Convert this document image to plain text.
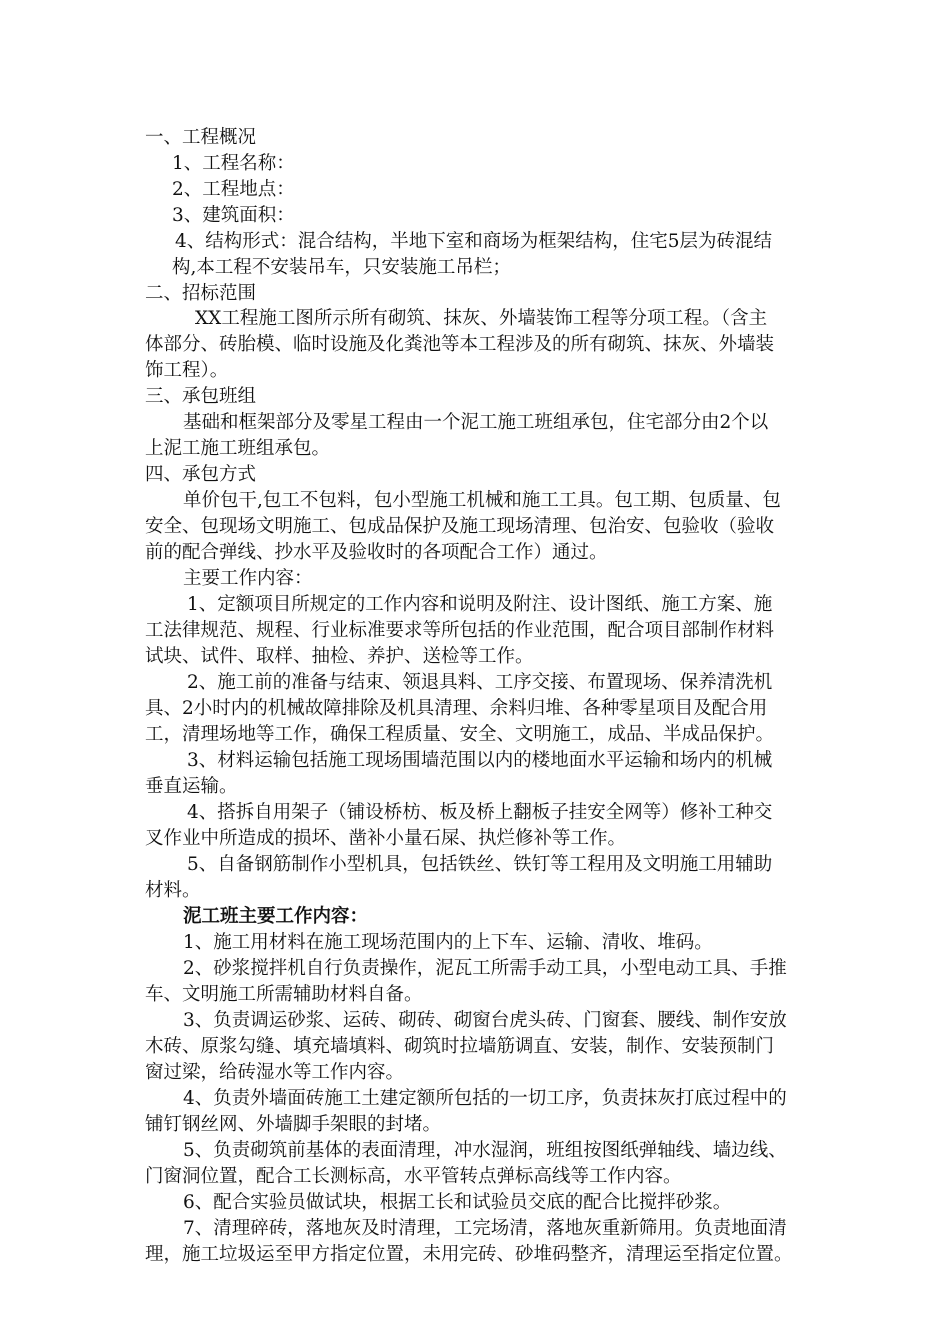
一、工程概况
1、工程名称：
2、工程地点：
3、建筑面积：
4、结构形式：混合结构，半地下室和商场为框架结构，住宅5层为砖混结
构,本工程不安装吊车，只安装施工吊栏；
二、招标范围
XX工程施工图所示所有砌筑、抹灰、外墙装饰工程等分项工程。（含主
体部分、砖胎模、临时设施及化粪池等本工程涉及的所有砌筑、抹灰、外墙装
饰工程）。
三、承包班组
基础和框架部分及零星工程由一个泥工施工班组承包，住宅部分由2个以
上泥工施工班组承包。
四、承包方式
单价包干,包工不包料，包小型施工机械和施工工具。包工期、包质量、包
安全、包现场文明施工、包成品保护及施工现场清理、包治安、包验收（验收
前的配合弹线、抄水平及验收时的各项配合工作）通过。
主要工作内容：
1、定额项目所规定的工作内容和说明及附注、设计图纸、施工方案、施
工法律规范、规程、行业标准要求等所包括的作业范围，配合项目部制作材料
试块、试件、取样、抽检、养护、送检等工作。
2、施工前的准备与结束、领退具料、工序交接、布置现场、保养清洗机
具、2小时内的机械故障排除及机具清理、余料归堆、各种零星项目及配合用
工，清理场地等工作，确保工程质量、安全、文明施工，成品、半成品保护。
3、材料运输包括施工现场围墙范围以内的楼地面水平运输和场内的机械
垂直运输。
4、搭拆自用架子（铺设桥枋、板及桥上翻板子挂安全网等）修补工种交
叉作业中所造成的损坏、凿补小量石屎、执烂修补等工作。
5、自备钢筋制作小型机具，包括铁丝、铁钉等工程用及文明施工用辅助
材料。
泥工班主要工作内容：
1、施工用材料在施工现场范围内的上下车、运输、清收、堆码。
2、砂浆搅拌机自行负责操作，泥瓦工所需手动工具，小型电动工具、手推
车、文明施工所需辅助材料自备。
3、负责调运砂浆、运砖、砌砖、砌窗台虎头砖、门窗套、腰线、制作安放
木砖、原浆勾缝、填充墙填料、砌筑时拉墙筋调直、安装，制作、安装预制门
窗过梁，给砖湿水等工作内容。
4、负责外墙面砖施工土建定额所包括的一切工序，负责抹灰打底过程中的
铺钉钢丝网、外墙脚手架眼的封堵。
5、负责砌筑前基体的表面清理，冲水湿润，班组按图纸弹轴线、墙边线、
门窗洞位置，配合工长测标高，水平管转点弹标高线等工作内容。
6、配合实验员做试块，根据工长和试验员交底的配合比搅拌砂浆。
7、清理碎砖，落地灰及时清理，工完场清，落地灰重新筛用。负责地面清
理，施工垃圾运至甲方指定位置，未用完砖、砂堆码整齐，清理运至指定位置。
